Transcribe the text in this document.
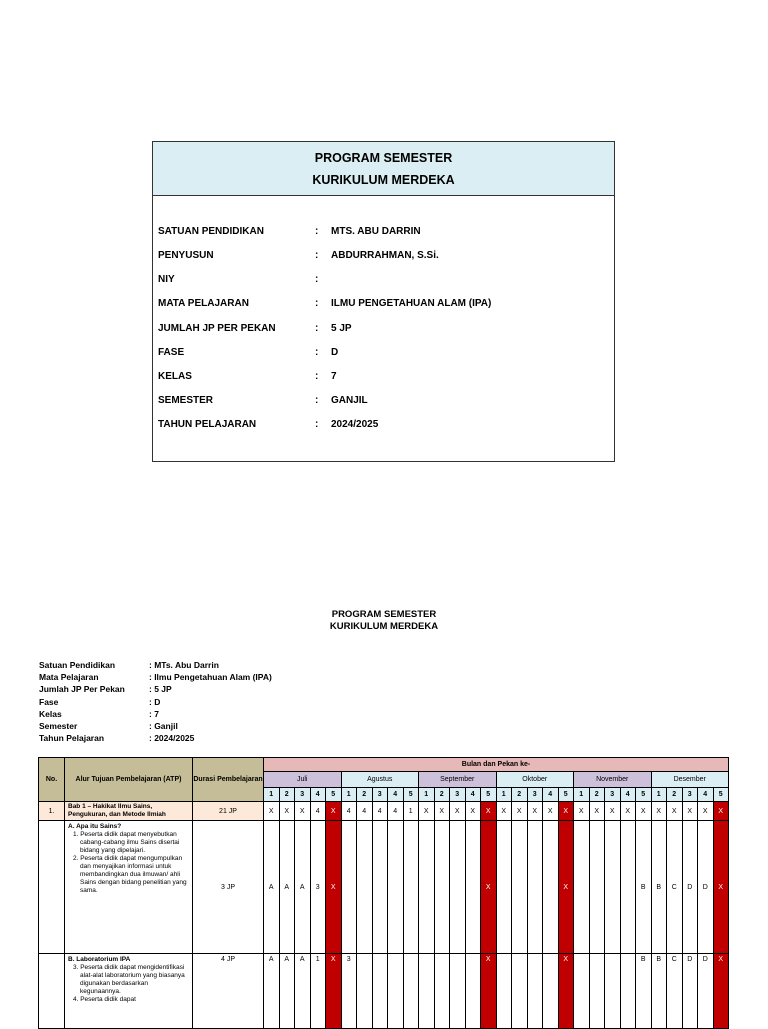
PROGRAM SEMESTER
KURIKULUM MERDEKA
SATUAN PENDIDIKAN	: MTS. ABU DARRIN
PENYUSUN	: ABDURRAHMAN, S.Si.
NIY	:
MATA PELAJARAN	: ILMU PENGETAHUAN ALAM (IPA)
JUMLAH JP PER PEKAN	: 5 JP
FASE	: D
KELAS	: 7
SEMESTER	: GANJIL
TAHUN PELAJARAN	: 2024/2025
PROGRAM SEMESTER
KURIKULUM MERDEKA
Satuan Pendidikan	: MTs. Abu Darrin
Mata Pelajaran	: Ilmu Pengetahuan Alam (IPA)
Jumlah JP Per Pekan	: 5 JP
Fase	: D
Kelas	: 7
Semester	: Ganjil
Tahun Pelajaran	: 2024/2025
No.	Alur Tujuan Pembelajaran (ATP)	Durasi Pembelajaran	Bulan dan Pekan ke-																													
			Juli					Agustus					September					Oktober					November					Desember				
			1	2	3	4	5	1	2	3	4	5	1	2	3	4	5	1	2	3	4	5	1	2	3	4	5	1	2	3	4	5
1.	Bab 1 – Hakikat Ilmu Sains, Pengukuran, dan Metode Ilmiah	21 JP	X	X	X	4	X	4	4	4	4	1	X	X	X	X	X	X	X	X	X	X	X	X	X	X	X	X	X	X	X	X

	A. Apa itu Sains?
1. Peserta didik dapat menyebutkan cabang-cabang ilmu Sains disertai bidang yang dipelajari.
2. Peserta didik dapat mengumpulkan dan menyajikan informasi untuk membandingkan dua ilmuwan/ ahli Sains dengan bidang penelitian yang sama.	3 JP	A	A	A	3	X										X					X					B	B	C	D	D	X

	B. Laboratorium IPA
3. Peserta didik dapat mengidentifikasi alat-alat laboratorium yang biasanya digunakan berdasarkan kegunaannya.
4. Peserta didik dapat	4 JP	A	A	A	1	X	3									X					X					B	B	C	D	D	X
